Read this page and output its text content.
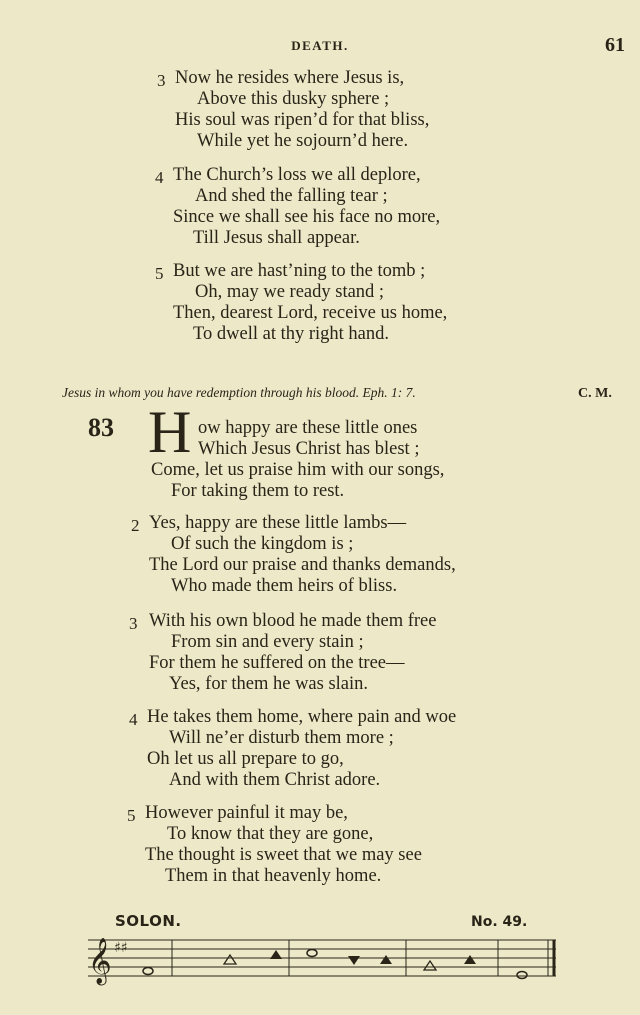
DEATH.	61
3 Now he resides where Jesus is,
Above this dusky sphere ;
His soul was ripen’d for that bliss,
While yet he sojourn’d here.
4 The Church’s loss we all deplore,
And shed the falling tear ;
Since we shall see his face no more,
Till Jesus shall appear.
5 But we are hast’ning to the tomb ;
Oh, may we ready stand ;
Then, dearest Lord, receive us home,
To dwell at thy right hand.
Jesus in whom you have redemption through his blood. Eph. 1: 7.	C. M.
83 H ow happy are these little ones
Which Jesus Christ has blest ;
Come, let us praise him with our songs,
For taking them to rest.
2 Yes, happy are these little lambs—
Of such the kingdom is ;
The Lord our praise and thanks demands,
Who made them heirs of bliss.
3 With his own blood he made them free
From sin and every stain ;
For them he suffered on the tree—
Yes, for them he was slain.
4 He takes them home, where pain and woe
Will ne’er disturb them more ;
Oh let us all prepare to go,
And with them Christ adore.
5 However painful it may be,
To know that they are gone,
The thought is sweet that we may see
Them in that heavenly home.
SOLON.	No. 49.
𝄞 ♯♯
